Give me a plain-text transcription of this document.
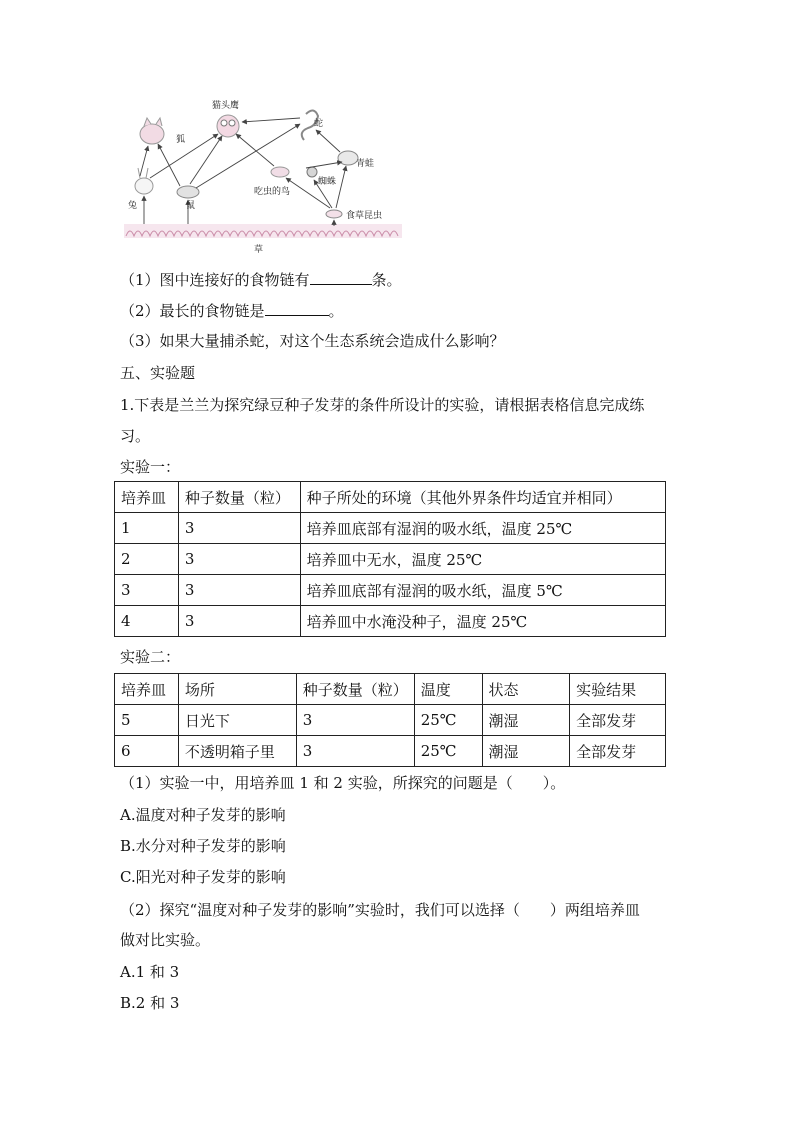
猫头鹰
蛇
狐
青蛙
兔	鼠
吃虫的鸟
蜘蛛
食草昆虫
草
（1）图中连接好的食物链有	条。
（2）最长的食物链是	。
（3）如果大量捕杀蛇，对这个生态系统会造成什么影响？
五、实验题
1.下表是兰兰为探究绿豆种子发芽的条件所设计的实验，请根据表格信息完成练
习。
实验一：
培养皿	种子数量（粒）	种子所处的环境（其他外界条件均适宜并相同）
1	3	培养皿底部有湿润的吸水纸，温度 25℃
2	3	培养皿中无水，温度 25℃
3	3	培养皿底部有湿润的吸水纸，温度 5℃
4	3	培养皿中水淹没种子，温度 25℃
实验二：
培养皿	场所	种子数量（粒）	温度	状态	实验结果
5	日光下	3	25℃	潮湿	全部发芽
6	不透明箱子里	3	25℃	潮湿	全部发芽
（1）实验一中，用培养皿 1 和 2 实验，所探究的问题是（　　）。
A.温度对种子发芽的影响
B.水分对种子发芽的影响
C.阳光对种子发芽的影响
（2）探究“温度对种子发芽的影响”实验时，我们可以选择（　　）两组培养皿
做对比实验。
A.1 和 3
B.2 和 3
